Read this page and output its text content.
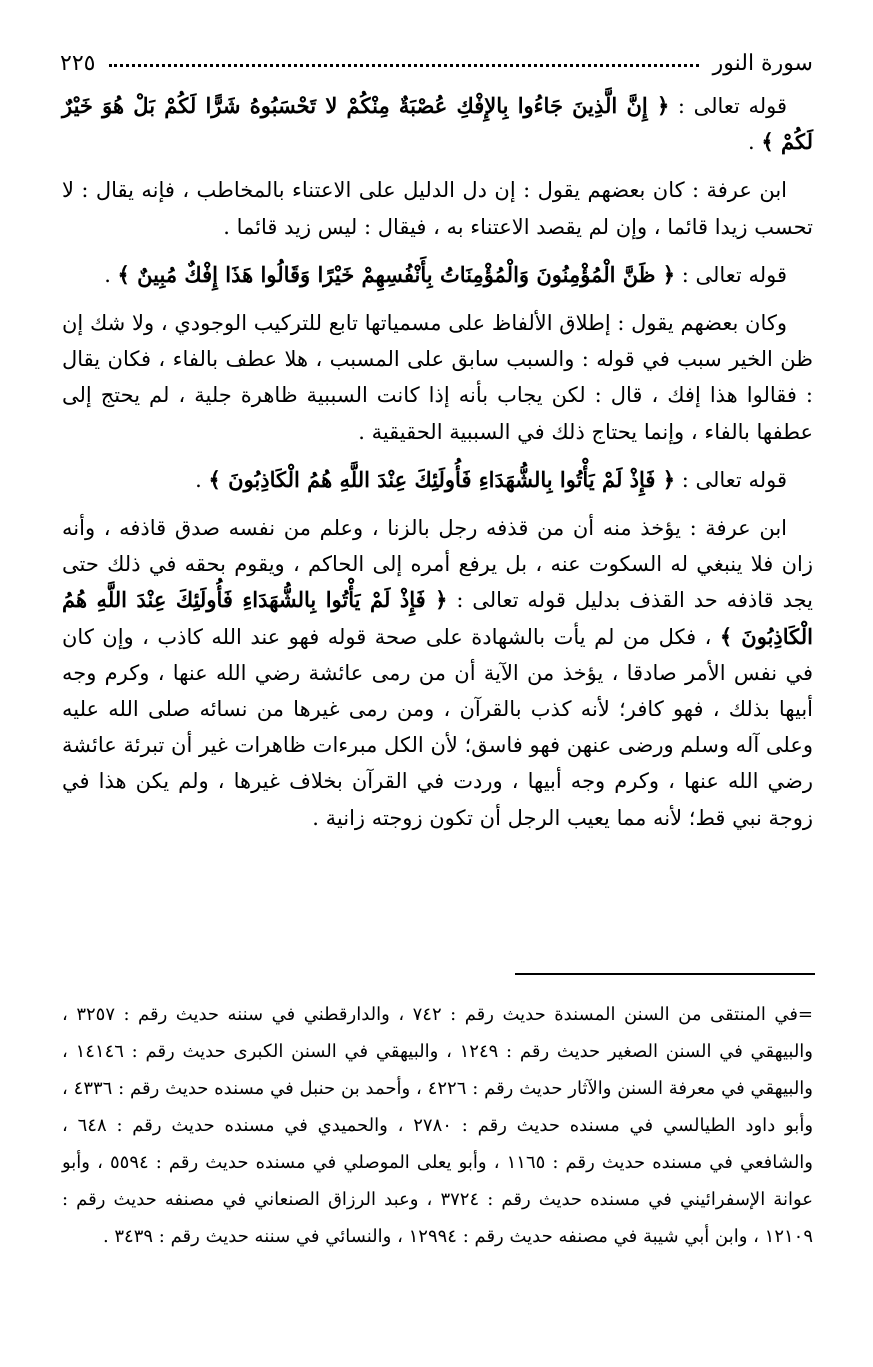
سورة النور
٢٢٥

قوله تعالى : ﴿ إِنَّ الَّذِينَ جَاءُوا بِالإِفْكِ عُصْبَةٌ مِنْكُمْ لا تَحْسَبُوهُ شَرًّا لَكُمْ بَلْ هُوَ خَيْرٌ لَكُمْ ﴾ .

ابن عرفة : كان بعضهم يقول : إن دل الدليل على الاعتناء بالمخاطب ، فإنه يقال : لا تحسب زيدا قائما ، وإن لم يقصد الاعتناء به ، فيقال : ليس زيد قائما .

قوله تعالى : ﴿ ظَنَّ الْمُؤْمِنُونَ وَالْمُؤْمِنَاتُ بِأَنْفُسِهِمْ خَيْرًا وَقَالُوا هَذَا إِفْكٌ مُبِينٌ ﴾ .

وكان بعضهم يقول : إطلاق الألفاظ على مسمياتها تابع للتركيب الوجودي ، ولا شك إن ظن الخير سبب في قوله : والسبب سابق على المسبب ، هلا عطف بالفاء ، فكان يقال : فقالوا هذا إفك ، قال : لكن يجاب بأنه إذا كانت السببية ظاهرة جلية ، لم يحتج إلى عطفها بالفاء ، وإنما يحتاج ذلك في السببية الحقيقية .

قوله تعالى : ﴿ فَإِذْ لَمْ يَأْتُوا بِالشُّهَدَاءِ فَأُولَئِكَ عِنْدَ اللَّهِ هُمُ الْكَاذِبُونَ ﴾ .

ابن عرفة : يؤخذ منه أن من قذفه رجل بالزنا ، وعلم من نفسه صدق قاذفه ، وأنه زان فلا ينبغي له السكوت عنه ، بل يرفع أمره إلى الحاكم ، ويقوم بحقه في ذلك حتى يجد قاذفه حد القذف بدليل قوله تعالى : ﴿ فَإِذْ لَمْ يَأْتُوا بِالشُّهَدَاءِ فَأُولَئِكَ عِنْدَ اللَّهِ هُمُ الْكَاذِبُونَ ﴾ ، فكل من لم يأت بالشهادة على صحة قوله فهو عند الله كاذب ، وإن كان في نفس الأمر صادقا ، يؤخذ من الآية أن من رمى عائشة رضي الله عنها ، وكرم وجه أبيها بذلك ، فهو كافر؛ لأنه كذب بالقرآن ، ومن رمى غيرها من نسائه صلى الله عليه وعلى آله وسلم ورضى عنهن فهو فاسق؛ لأن الكل مبرءات ظاهرات غير أن تبرئة عائشة رضي الله عنها ، وكرم وجه أبيها ، وردت في القرآن بخلاف غيرها ، ولم يكن هذا في زوجة نبي قط؛ لأنه مما يعيب الرجل أن تكون زوجته زانية .

=في المنتقى من السنن المسندة حديث رقم : ٧٤٢ ، والدارقطني في سننه حديث رقم : ٣٢٥٧ ، والبيهقي في السنن الصغير حديث رقم : ١٢٤٩ ، والبيهقي في السنن الكبرى حديث رقم : ١٤١٤٦ ، والبيهقي في معرفة السنن والآثار حديث رقم : ٤٢٢٦ ، وأحمد بن حنبل في مسنده حديث رقم : ٤٣٣٦ ، وأبو داود الطيالسي في مسنده حديث رقم : ٢٧٨٠ ، والحميدي في مسنده حديث رقم : ٦٤٨ ، والشافعي في مسنده حديث رقم : ١١٦٥ ، وأبو يعلى الموصلي في مسنده حديث رقم : ٥٥٩٤ ، وأبو عوانة الإسفرائيني في مسنده حديث رقم : ٣٧٢٤ ، وعبد الرزاق الصنعاني في مصنفه حديث رقم : ١٢١٠٩ ، وابن أبي شيبة في مصنفه حديث رقم : ١٢٩٩٤ ، والنسائي في سننه حديث رقم : ٣٤٣٩ .
